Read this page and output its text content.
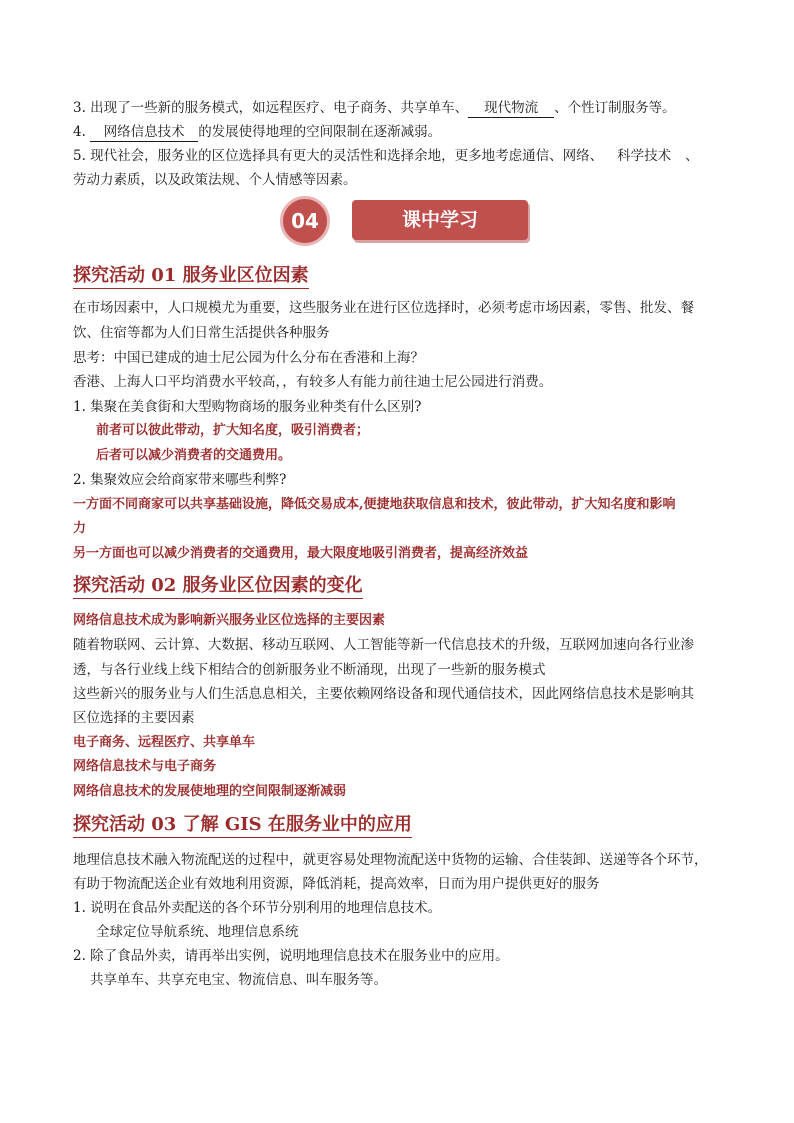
3. 出现了一些新的服务模式，如远程医疗、电子商务、共享单车、 现代物流 、个性订制服务等。
4. 网络信息技术 的发展使得地理的空间限制在逐渐减弱。
5. 现代社会，服务业的区位选择具有更大的灵活性和选择余地，更多地考虑通信、网络、 科学技术 、
劳动力素质，以及政策法规、个人情感等因素。
04	课中学习
探究活动 01 服务业区位因素
在市场因素中，人口规模尤为重要，这些服务业在进行区位选择时，必须考虑市场因素，零售、批发、餐
饮、住宿等都为人们日常生活提供各种服务
思考：中国已建成的迪士尼公园为什么分布在香港和上海？
香港、上海人口平均消费水平较高，，有较多人有能力前往迪士尼公园进行消费。
1. 集聚在美食街和大型购物商场的服务业种类有什么区别?
前者可以彼此带动，扩大知名度，吸引消费者；
后者可以减少消费者的交通费用。
2. 集聚效应会给商家带来哪些利弊?
一方面不同商家可以共享基础设施，降低交易成本,便捷地获取信息和技术，彼此带动，扩大知名度和影响
力
另一方面也可以减少消费者的交通费用，最大限度地吸引消费者，提高经济效益
探究活动 02 服务业区位因素的变化
网络信息技术成为影响新兴服务业区位选择的主要因素
随着物联网、云计算、大数据、移动互联网、人工智能等新一代信息技术的升级，互联网加速向各行业渗
透，与各行业线上线下相结合的创新服务业不断涌现，出现了一些新的服务模式
这些新兴的服务业与人们生活息息相关，主要依赖网络设备和现代通信技术，因此网络信息技术是影响其
区位选择的主要因素
电子商务、远程医疗、共享单车
网络信息技术与电子商务
网络信息技术的发展使地理的空间限制逐渐减弱
探究活动 03 了解 GIS 在服务业中的应用
地理信息技术融入物流配送的过程中，就更容易处理物流配送中货物的运输、合佳装卸、送递等各个环节，
有助于物流配送企业有效地利用资源，降低消耗，提高效率，日而为用户提供更好的服务
1. 说明在食品外卖配送的各个环节分别利用的地理信息技术。
全球定位导航系统、地理信息系统
2. 除了食品外卖，请再举出实例，说明地理信息技术在服务业中的应用。
共享单车、共享充电宝、物流信息、叫车服务等。
